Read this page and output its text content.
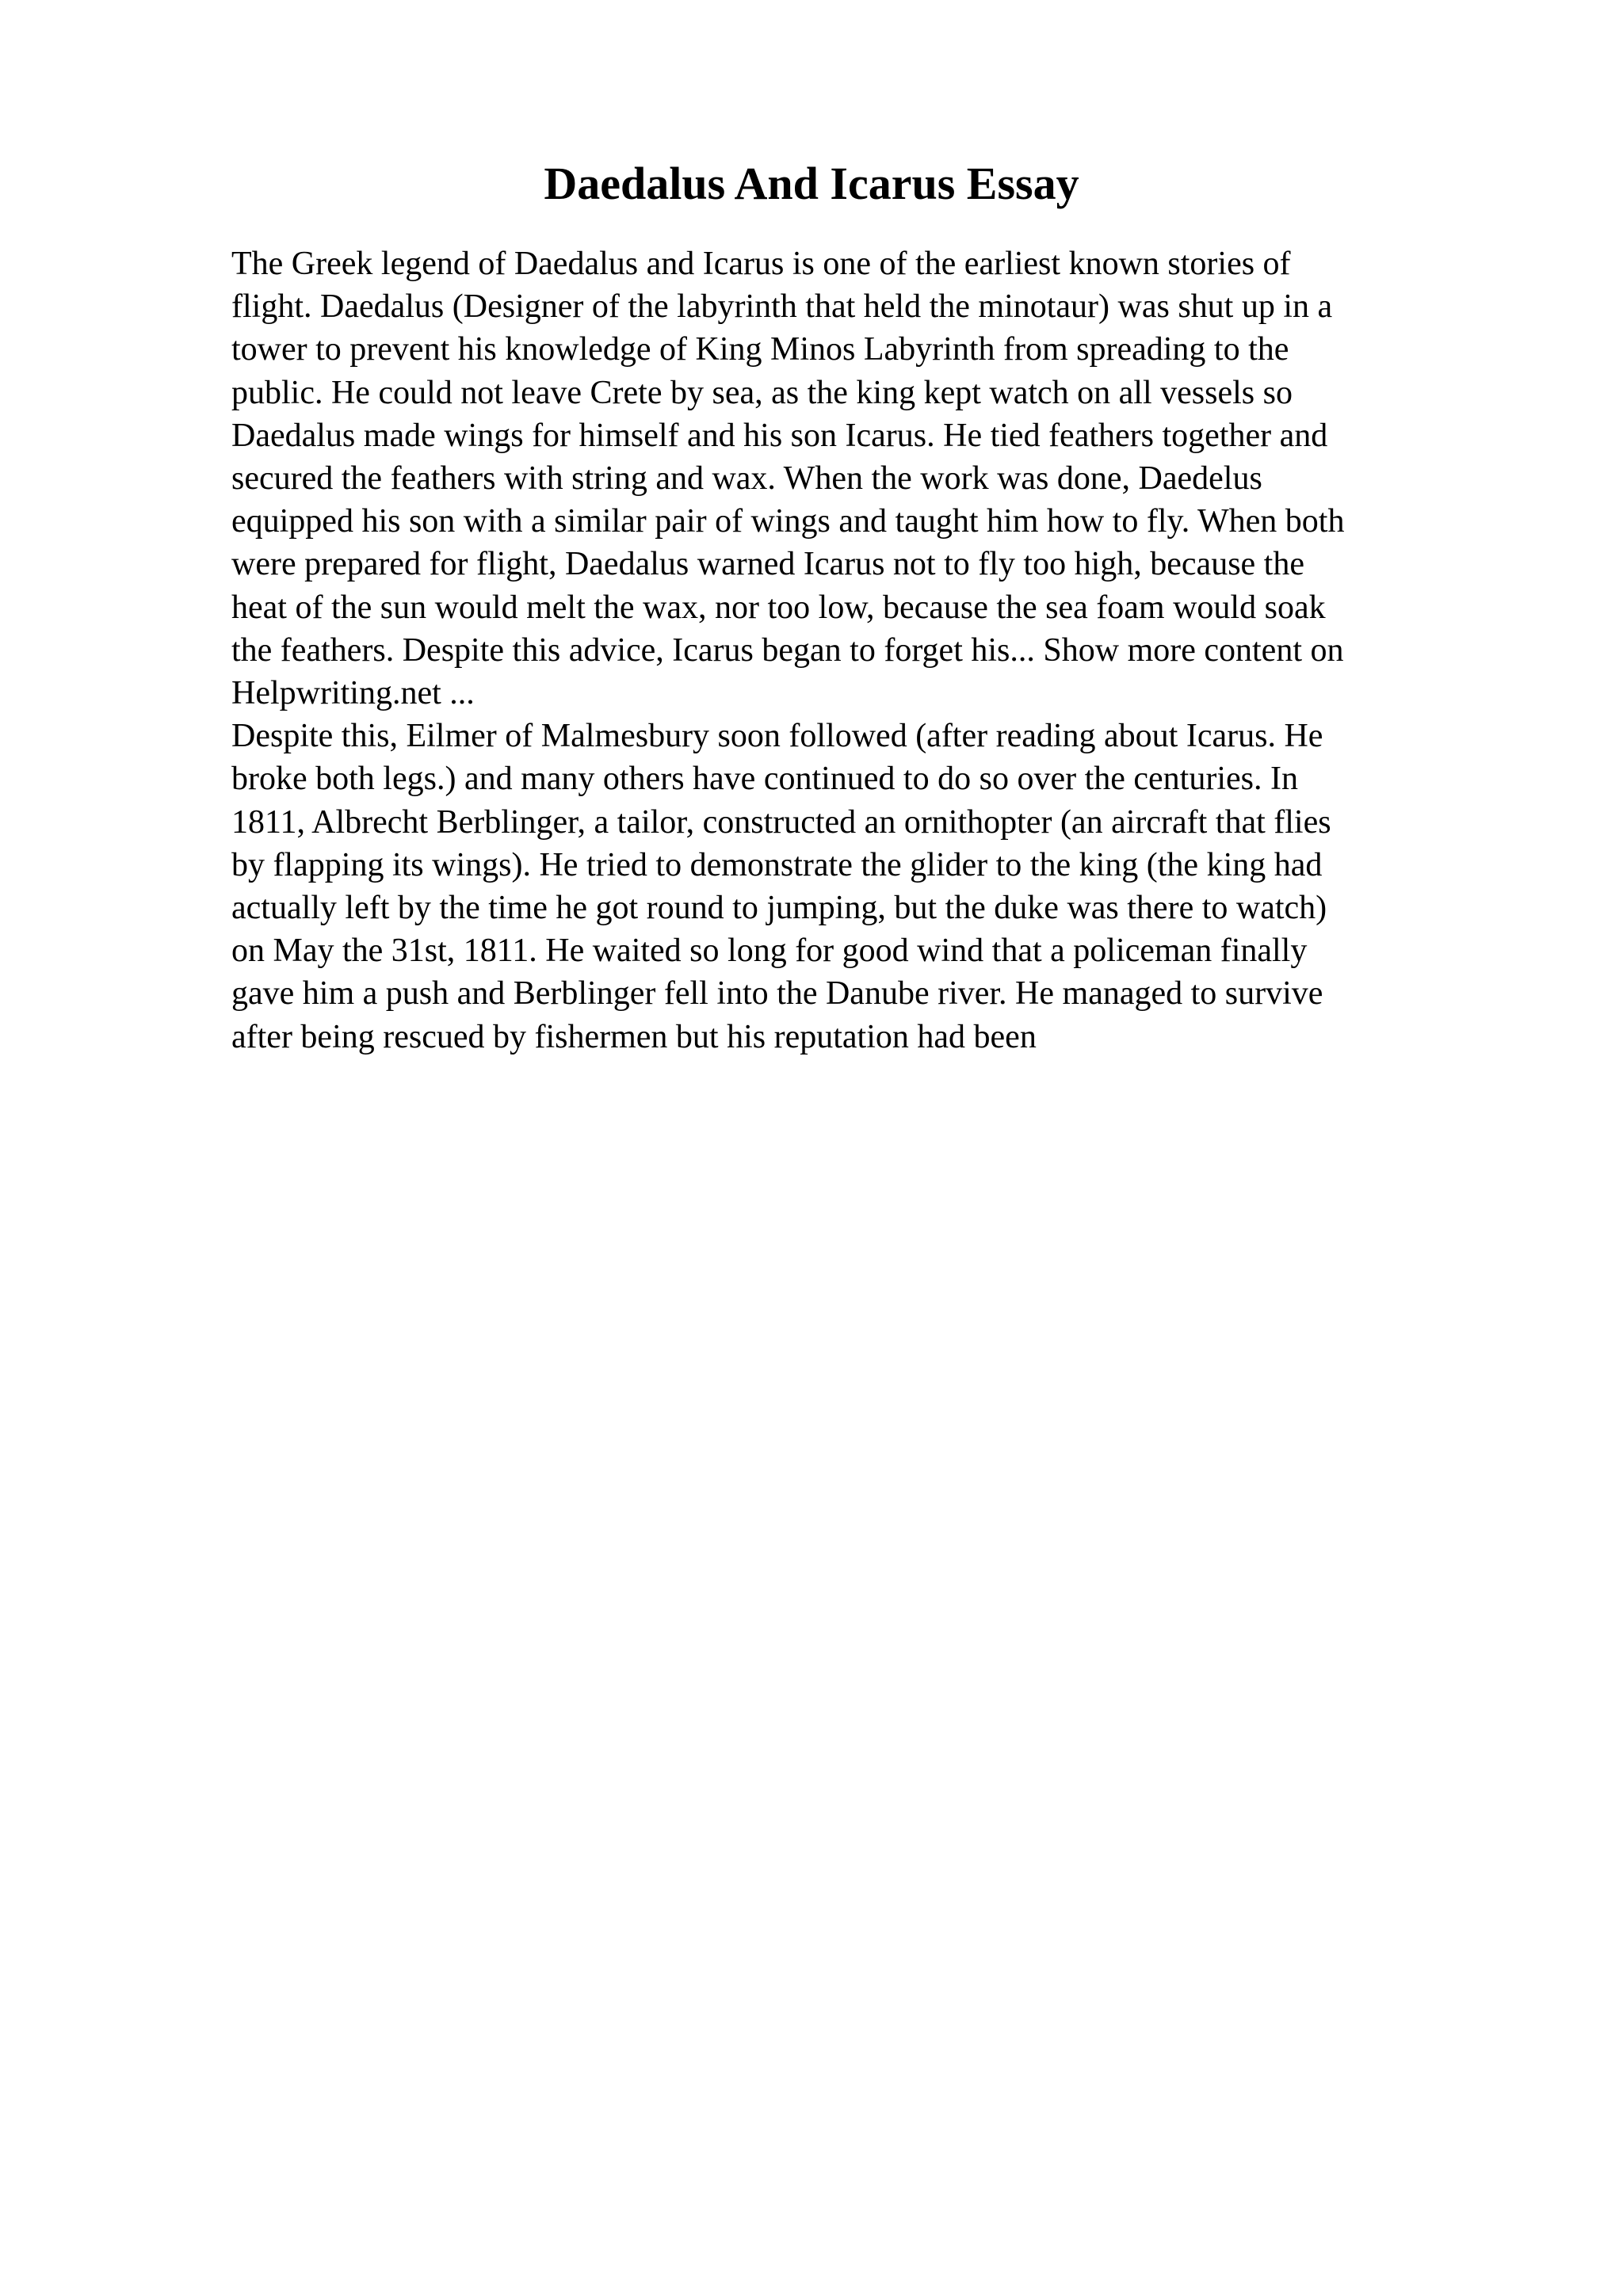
Daedalus And Icarus Essay
The Greek legend of Daedalus and Icarus is one of the earliest known stories of
flight. Daedalus (Designer of the labyrinth that held the minotaur) was shut up in a
tower to prevent his knowledge of King Minos Labyrinth from spreading to the
public. He could not leave Crete by sea, as the king kept watch on all vessels so
Daedalus made wings for himself and his son Icarus. He tied feathers together and
secured the feathers with string and wax. When the work was done, Daedelus
equipped his son with a similar pair of wings and taught him how to fly. When both
were prepared for flight, Daedalus warned Icarus not to fly too high, because the
heat of the sun would melt the wax, nor too low, because the sea foam would soak
the feathers. Despite this advice, Icarus began to forget his... Show more content on
Helpwriting.net ...
Despite this, Eilmer of Malmesbury soon followed (after reading about Icarus. He
broke both legs.) and many others have continued to do so over the centuries. In
1811, Albrecht Berblinger, a tailor, constructed an ornithopter (an aircraft that flies
by flapping its wings). He tried to demonstrate the glider to the king (the king had
actually left by the time he got round to jumping, but the duke was there to watch)
on May the 31st, 1811. He waited so long for good wind that a policeman finally
gave him a push and Berblinger fell into the Danube river. He managed to survive
after being rescued by fishermen but his reputation had been
